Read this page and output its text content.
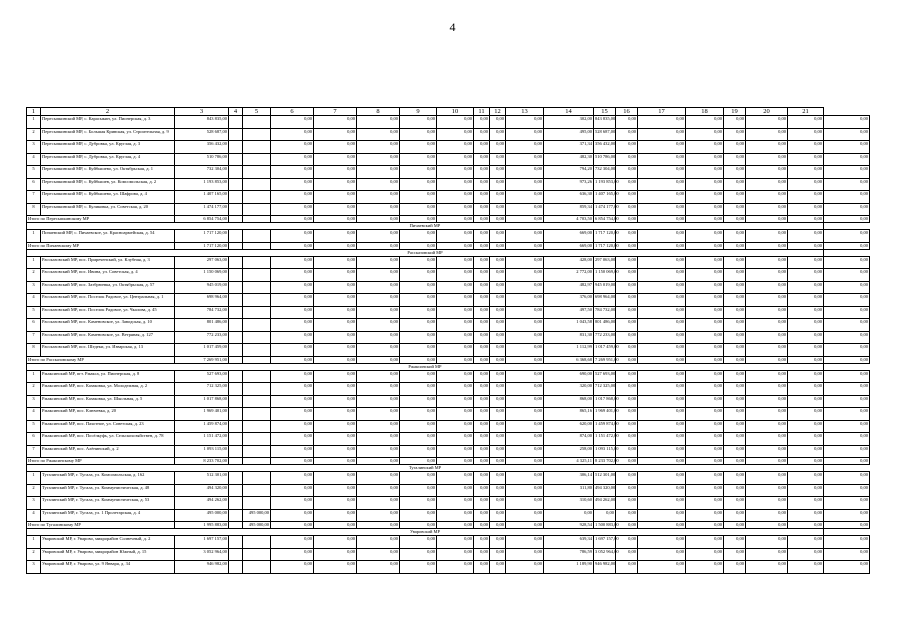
4
1	2	3	4	5	6	7	8	9	10	11	12	13	14	15	16	17	18	19	20	21	
1	Пересыпкинский МР, с. Карасыкин, ул. Пионерская, д. 3	843 835,00			0,00	0,00	0,00	0,00	0,00	0,00	0,00	0,00	302,00	843 835,00	0,00	0,00	0,00	0,00	0,00	0,00	0,00
2	Пересыпкинский МР, с. Большая Кривская, ул. Строительная, д. 9	528 687,00			0,00	0,00	0,00	0,00	0,00	0,00	0,00	0,00	495,00	528 687,00	0,00	0,00	0,00	0,00	0,00	0,00	0,00
3	Пересыпкинский МР, с. Дубровка, ул. Круглая, д. 3	356 432,00			0,00	0,00	0,00	0,00	0,00	0,00	0,00	0,00	371,34	356 432,00	0,00	0,00	0,00	0,00	0,00	0,00	0,00
4	Пересыпкинский МР, с. Дубровка, ул. Круглая, д. 4	510 786,00			0,00	0,00	0,00	0,00	0,00	0,00	0,00	0,00	482,30	510 786,00	0,00	0,00	0,00	0,00	0,00	0,00	0,00
5	Пересыпкинский МР, с. Куйбышево, ул. Октябрьская, д. 1	732 304,00			0,00	0,00	0,00	0,00	0,00	0,00	0,00	0,00	794,20	732 304,00	0,00	0,00	0,00	0,00	0,00	0,00	0,00
6	Пересыпкинский МР, с. Куйбышев, ул. Комсомольская, д. 2	1 193 853,00			0,00	0,00	0,00	0,00	0,00	0,00	0,00	0,00	973,26	1 193 853,00	0,00	0,00	0,00	0,00	0,00	0,00	0,00
7	Пересыпкинский МР, с. Куйбышево, ул. Шафрова, д. 4	1 407 165,00			0,00	0,00	0,00	0,00	0,00	0,00	0,00	0,00	636,30	1 407 165,00	0,00	0,00	0,00	0,00	0,00	0,00	0,00
8	Пересыпкинский МР, с. Куликовка, ул. Советская, д. 20	1 474 177,00			0,00	0,00	0,00	0,00	0,00	0,00	0,00	0,00	859,34	1 474 177,00	0,00	0,00	0,00	0,00	0,00	0,00	0,00
Итого по Пересыпкинскому МР		6 854 754,00			0,00	0,00	0,00	0,00	0,00	0,00	0,00	0,00	4 703,50	6 854 754,00	0,00	0,00	0,00	0,00	0,00	0,00	0,00
Пичаевский МР																					
1	Пичаевский МР, с. Пичаевское, ул. Красноармейская, д. 54	1 717 120,00			0,00	0,00	0,00	0,00	0,00	0,00	0,00	0,00	669,00	1 717 120,00	0,00	0,00	0,00	0,00	0,00	0,00	0,00
Итого по Пичаевскому МР		1 717 120,00			0,00	0,00	0,00	0,00	0,00	0,00	0,00	0,00	669,00	1 717 120,00	0,00	0,00	0,00	0,00	0,00	0,00	0,00
Рассказовский МР																					
1	Рассказовский МР, пос. Приреченский, ул. Клубная, д. 3	297 063,00			0,00	0,00	0,00	0,00	0,00	0,00	0,00	0,00	428,00	297 063,00	0,00	0,00	0,00	0,00	0,00	0,00	0,00
2	Рассказовский МР, пос. Ивина, ул. Советская, д. 4	1 150 069,00			0,00	0,00	0,00	0,00	0,00	0,00	0,00	0,00	2 772,00	1 150 069,00	0,00	0,00	0,00	0,00	0,00	0,00	0,00
3	Рассказовский МР, пос. Зазбрюевка, ул. Октябрьская, д. 57	945 019,00			0,00	0,00	0,00	0,00	0,00	0,00	0,00	0,00	482,97	945 019,00	0,00	0,00	0,00	0,00	0,00	0,00	0,00
4	Рассказовский МР, пос. Поселок Радовое, ул. Центральная, д. 1	698 964,00			0,00	0,00	0,00	0,00	0,00	0,00	0,00	0,00	376,00	698 964,00	0,00	0,00	0,00	0,00	0,00	0,00	0,00
5	Рассказовский МР, пос. Поселок Радовое, ул. Чкалова, д. 45	784 732,00			0,00	0,00	0,00	0,00	0,00	0,00	0,00	0,00	497,50	784 732,00	0,00	0,00	0,00	0,00	0,00	0,00	0,00
6	Рассказовский МР, пос. Каменовское, ул. Заводская, д. 10	801 486,00			0,00	0,00	0,00	0,00	0,00	0,00	0,00	0,00	1 043,58	801 486,00	0,00	0,00	0,00	0,00	0,00	0,00	0,00
7	Рассказовский МР, пос. Каменовское, ул. Ветряная, д. 127	772 233,00			0,00	0,00	0,00	0,00	0,00	0,00	0,00	0,00	831,30	772 233,00	0,00	0,00	0,00	0,00	0,00	0,00	0,00
8	Рассказовский МР, пос. Шедеки, ул. Изварская, д. 13	1 017 459,00			0,00	0,00	0,00	0,00	0,00	0,00	0,00	0,00	1 112,99	1 017 459,00	0,00	0,00	0,00	0,00	0,00	0,00	0,00
Итого по Рассказовскому МР		7 269 951,00			0,00	0,00	0,00	0,00	0,00	0,00	0,00	0,00	6 368,68	7 269 951,00	0,00	0,00	0,00	0,00	0,00	0,00	0,00
Ржаксинский МР																					
1	Ржаксинский МР, пгт. Ржакса, ул. Пионерская, д. 8	527 693,00			0,00	0,00	0,00	0,00	0,00	0,00	0,00	0,00	690,00	527 693,00	0,00	0,00	0,00	0,00	0,00	0,00	0,00
2	Ржаксинский МР, пос. Казаковка, ул. Молодежная, д. 2	712 325,00			0,00	0,00	0,00	0,00	0,00	0,00	0,00	0,00	320,00	712 325,00	0,00	0,00	0,00	0,00	0,00	0,00	0,00
3	Ржаксинский МР, пос. Казаковка, ул. Школьная, д. 5	1 017 868,00			0,00	0,00	0,00	0,00	0,00	0,00	0,00	0,00	868,00	1 017 868,00	0,00	0,00	0,00	0,00	0,00	0,00	0,00
4	Ржаксинский МР, пос. Ключевка, д. 20	1 969 401,00			0,00	0,00	0,00	0,00	0,00	0,00	0,00	0,00	865,16	1 969 401,00	0,00	0,00	0,00	0,00	0,00	0,00	0,00
5	Ржаксинский МР, пос. Пахотное, ул. Советская, д. 23	1 459 874,00			0,00	0,00	0,00	0,00	0,00	0,00	0,00	0,00	620,00	1 459 874,00	0,00	0,00	0,00	0,00	0,00	0,00	0,00
6	Ржаксинский МР, пос. Посёлкуфь, ул. Сельскохозяйствен, д. 78	1 151 472,00			0,00	0,00	0,00	0,00	0,00	0,00	0,00	0,00	874,00	1 151 472,00	0,00	0,00	0,00	0,00	0,00	0,00	0,00
7	Ржаксинский МР, пос. Алёнинский, д. 2	1 093 115,00			0,00	0,00	0,00	0,00	0,00	0,00	0,00	0,00	258,00	1 093 115,00	0,00	0,00	0,00	0,00	0,00	0,00	0,00
Итого по Ржаксинскому МР		8 233 702,00			0,00	0,00	0,00	0,00	0,00	0,00	0,00	0,00	4 325,11	8 233 702,00	0,00	0,00	0,00	0,00	0,00	0,00	0,00
Тугалинский МР																					
1	Тугалинский МР, г. Тугала, ул. Комсомольская, д. 162	512 301,00			0,00	0,00	0,00	0,00	0,00	0,00	0,00	0,00	306,14	512 301,00	0,00	0,00	0,00	0,00	0,00	0,00	0,00
2	Тугалинский МР, г. Тугала, ул. Коммунистическая, д. 48	494 320,00			0,00	0,00	0,00	0,00	0,00	0,00	0,00	0,00	311,80	494 320,00	0,00	0,00	0,00	0,00	0,00	0,00	0,00
3	Тугалинский МР, г. Тугала, ул. Коммунистическая, д. 53	494 262,00			0,00	0,00	0,00	0,00	0,00	0,00	0,00	0,00	310,60	494 262,00	0,00	0,00	0,00	0,00	0,00	0,00	0,00
4	Тугалинский МР, г. Тугала, ул. 1 Пролетарская, д. 4	495 000,00		495 000,00	0,00	0,00	0,00	0,00	0,00	0,00	0,00	0,00	0,00	0,00	0,00	0,00	0,00	0,00	0,00	0,00	0,00
Итого по Тугалинскому МР		1 995 883,00		495 000,00	0,00	0,00	0,00	0,00	0,00	0,00	0,00	0,00	928,54	1 500 883,00	0,00	0,00	0,00	0,00	0,00	0,00	0,00
Уваровский МР																					
1	Уваровский МР, г. Уварово, микрорайон Солнечный, д. 2	1 697 157,00			0,00	0,00	0,00	0,00	0,00	0,00	0,00	0,00	639,34	1 697 157,00	0,00	0,00	0,00	0,00	0,00	0,00	0,00
2	Уваровский МР, г. Уварово, микрорайон Южный, д. 15	3 052 964,00			0,00	0,00	0,00	0,00	0,00	0,00	0,00	0,00	786,59	3 052 964,00	0,00	0,00	0,00	0,00	0,00	0,00	0,00
3	Уваровский МР, г. Уварово, ул. 9 Января, д. 34	946 982,00			0,00	0,00	0,00	0,00	0,00	0,00	0,00	0,00	1 189,90	946 982,00	0,00	0,00	0,00	0,00	0,00	0,00	0,00
